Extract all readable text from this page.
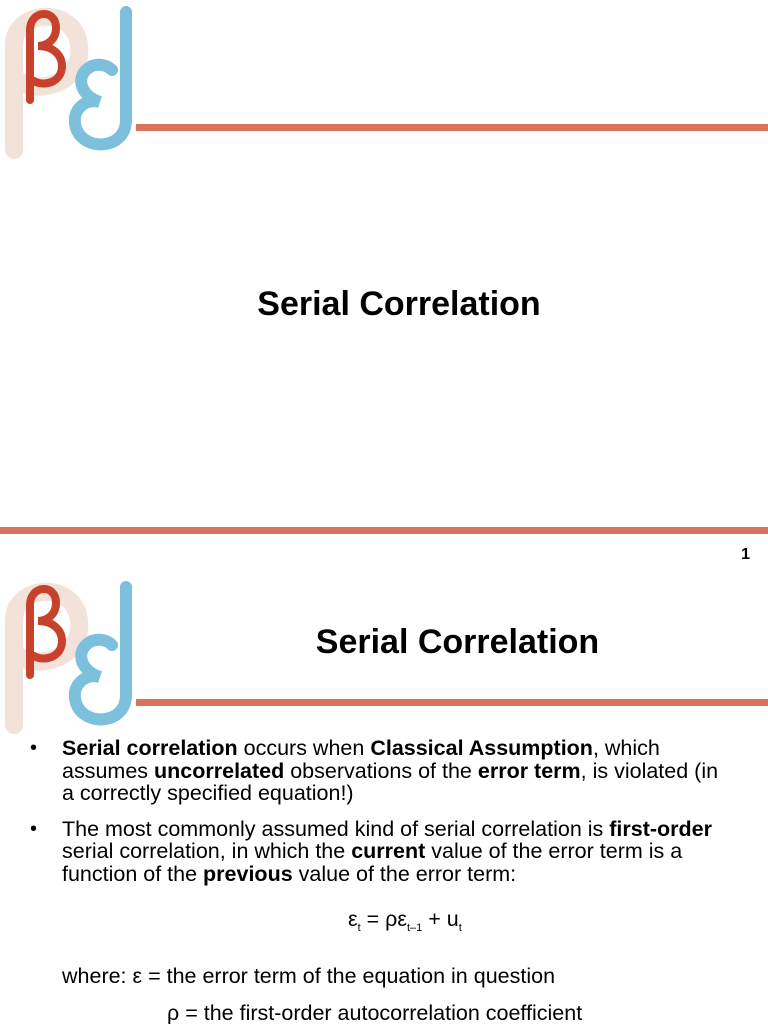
Serial Correlation
1
Serial Correlation
• Serial correlation occurs when Classical Assumption, which assumes uncorrelated observations of the error term, is violated (in a correctly specified equation!)
• The most commonly assumed kind of serial correlation is first-order serial correlation, in which the current value of the error term is a function of the previous value of the error term:
$\varepsilon_t = \rho\varepsilon_{t-1} + u_t$
where: ε = the error term of the equation in question
ρ = the first-order autocorrelation coefficient
